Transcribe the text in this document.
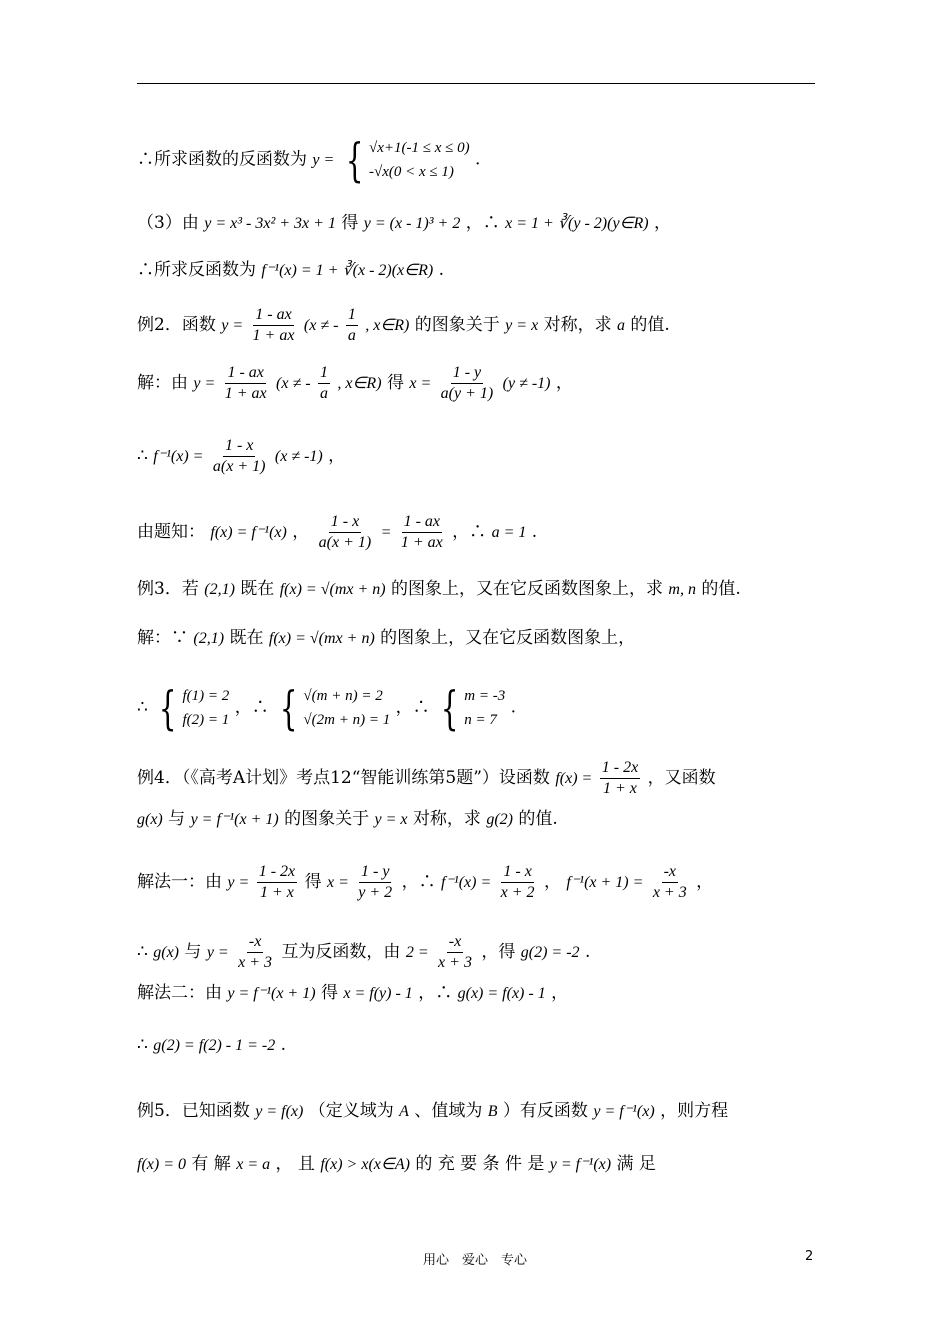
∴所求函数的反函数为 y = { √x+1(-1 ≤ x ≤ 0)
-√x(0 < x ≤ 1)
.
（3）由 y = x³ - 3x² + 3x + 1 得 y = (x - 1)³ + 2 ，∴ x = 1 + ∛(y - 2)(y∈R) ，
∴所求反函数为 f⁻¹(x) = 1 + ∛(x - 2)(x∈R) .
例2．函数 $y = \frac{1 - ax}{1 + ax} (x$ ≠ - $\frac{1}{a}$ , x∈R) 的图象关于 y = x 对称，求 a 的值.
解：由 $y = \frac{1 - ax}{1 + ax} (x$ ≠ - $\frac{1}{a}$ , x∈R) 得 $x = \frac{1 - y}{a(y + 1)} (y \ne -1)$ ，
∴ $f^{-1}(x) = \frac{1 - x}{a(x + 1)} (x \ne -1)$ ，
由题知： f(x) = f⁻¹(x) ， $\frac{1 - x}{a(x + 1)} = \frac{1 - ax}{1 + ax}$ ，∴ a = 1 .
例3．若 (2,1) 既在 f(x) = √(mx + n) 的图象上，又在它反函数图象上，求 m, n 的值.
解：∵ (2,1) 既在 f(x) = √(mx + n) 的图象上，又在它反函数图象上，
∴ { f(1) = 2
f(2) = 1
，∴ { √(m + n) = 2
√(2m + n) = 1
，∴ { m = -3
n = 7
.
例4．（《高考A计划》考点12“智能训练第5题”）设函数 $f(x) = \frac{1 - 2x}{1 + x}$ ，又函数
g(x) 与 y = f⁻¹(x + 1) 的图象关于 y = x 对称，求 g(2) 的值.
解法一：由 $y = \frac{1 - 2x}{1 + x}$ 得 $x = \frac{1 - y}{y + 2}$ ，∴ $f^{-1}(x) = \frac{1 - x}{x + 2}$ ， $f^{-1}(x + 1) = \frac{-x}{x + 3}$ ，
∴ g(x) 与 $y = \frac{-x}{x + 3}$ 互为反函数，由 $2 = \frac{-x}{x + 3}$ ，得 g(2) = -2 .
解法二：由 y = f⁻¹(x + 1) 得 x = f(y) - 1 ，∴ g(x) = f(x) - 1 ，
∴ g(2) = f(2) - 1 = -2 .
例5．已知函数 y = f(x) （定义域为 A 、值域为 B ）有反函数 y = f⁻¹(x) ，则方程
f(x) = 0 有 解 x = a ， 且 f(x) > x(x∈A) 的 充 要 条 件 是 y = f⁻¹(x) 满 足
用心　爱心　专心	2
